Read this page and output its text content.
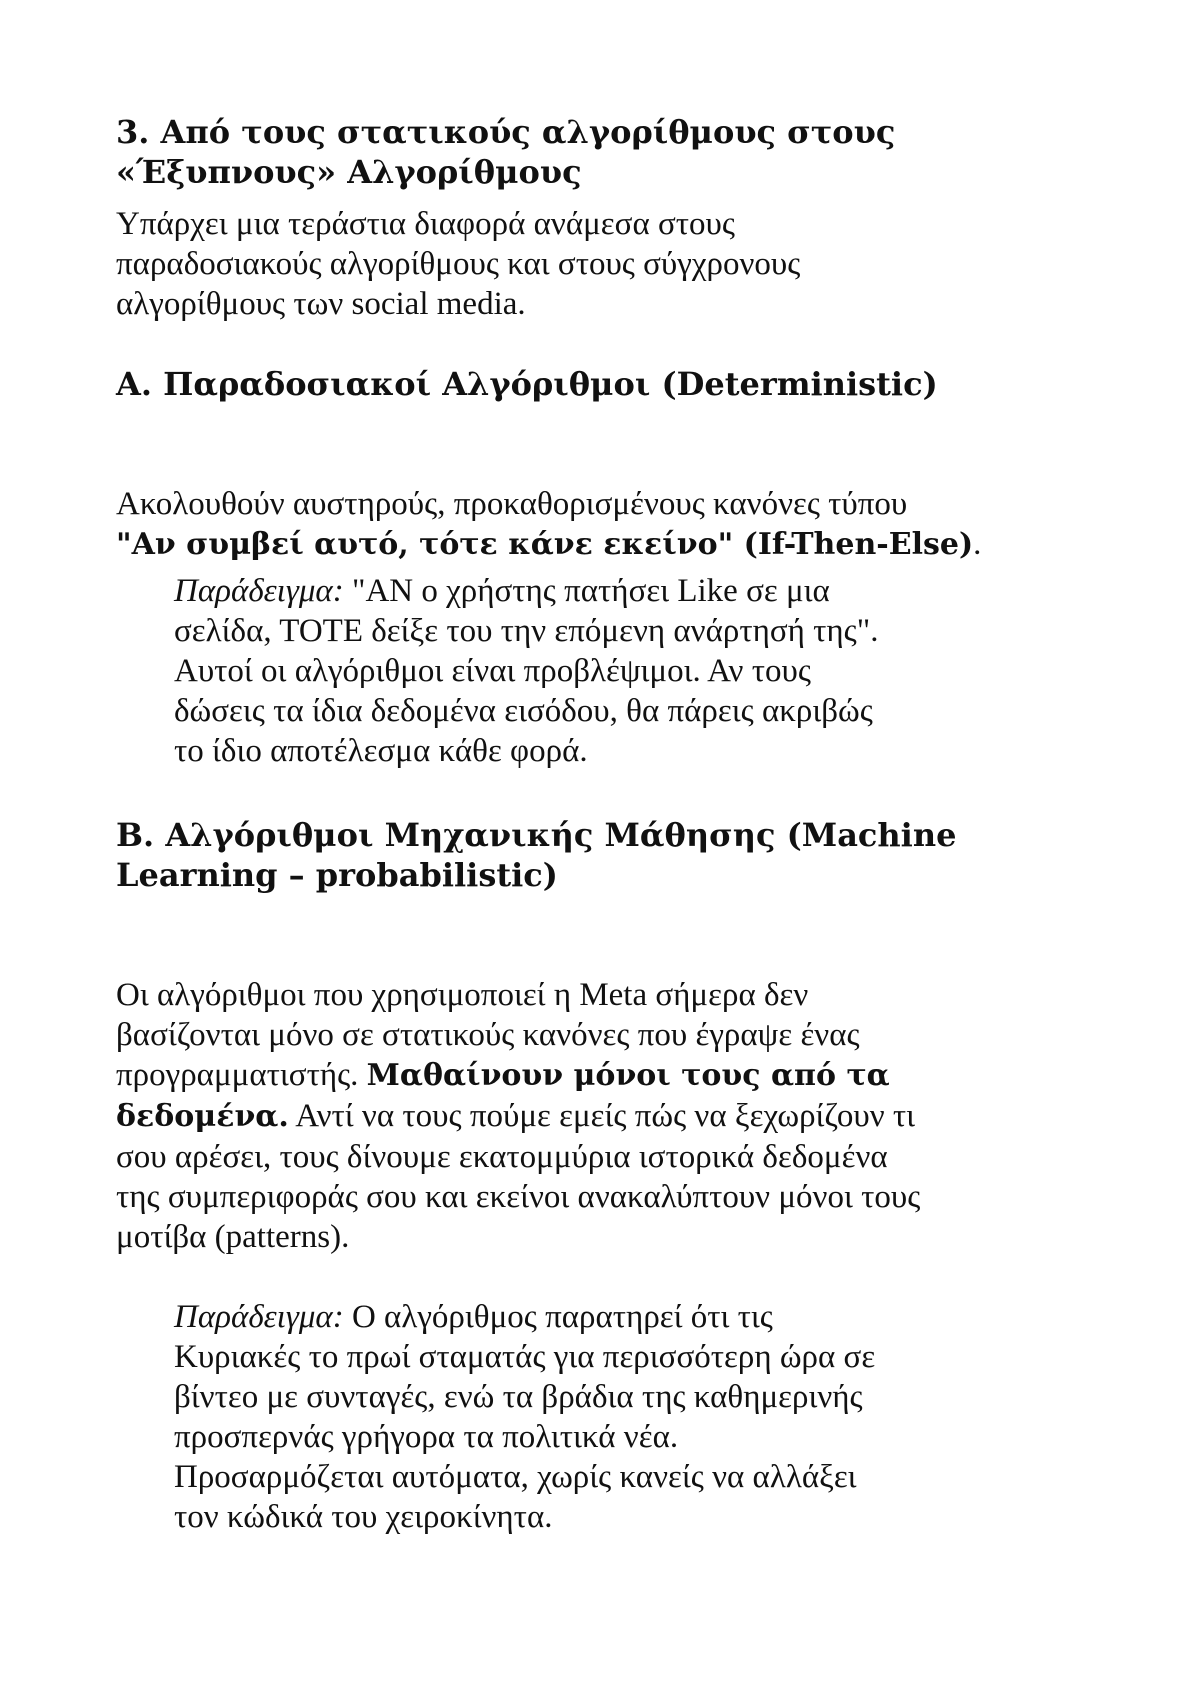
3. Από τους στατικούς αλγορίθμους στους
«Έξυπνους» Αλγορίθμους

Υπάρχει μια τεράστια διαφορά ανάμεσα στους
παραδοσιακούς αλγορίθμους και στους σύγχρονους
αλγορίθμους των social media.

A. Παραδοσιακοί Αλγόριθμοι (Deterministic)

Ακολουθούν αυστηρούς, προκαθορισμένους κανόνες τύπου
"Αν συμβεί αυτό, τότε κάνε εκείνο" (If-Then-Else).

Παράδειγμα: "AN ο χρήστης πατήσει Like σε μια
σελίδα, ΤΟΤΕ δείξε του την επόμενη ανάρτησή της".
Αυτοί οι αλγόριθμοι είναι προβλέψιμοι. Αν τους
δώσεις τα ίδια δεδομένα εισόδου, θα πάρεις ακριβώς
το ίδιο αποτέλεσμα κάθε φορά.

B. Αλγόριθμοι Μηχανικής Μάθησης (Machine
Learning – probabilistic)

Οι αλγόριθμοι που χρησιμοποιεί η Meta σήμερα δεν
βασίζονται μόνο σε στατικούς κανόνες που έγραψε ένας
προγραμματιστής. Μαθαίνουν μόνοι τους από τα
δεδομένα. Αντί να τους πούμε εμείς πώς να ξεχωρίζουν τι
σου αρέσει, τους δίνουμε εκατομμύρια ιστορικά δεδομένα
της συμπεριφοράς σου και εκείνοι ανακαλύπτουν μόνοι τους
μοτίβα (patterns).

Παράδειγμα: Ο αλγόριθμος παρατηρεί ότι τις
Κυριακές το πρωί σταματάς για περισσότερη ώρα σε
βίντεο με συνταγές, ενώ τα βράδια της καθημερινής
προσπερνάς γρήγορα τα πολιτικά νέα.
Προσαρμόζεται αυτόματα, χωρίς κανείς να αλλάξει
τον κώδικά του χειροκίνητα.
